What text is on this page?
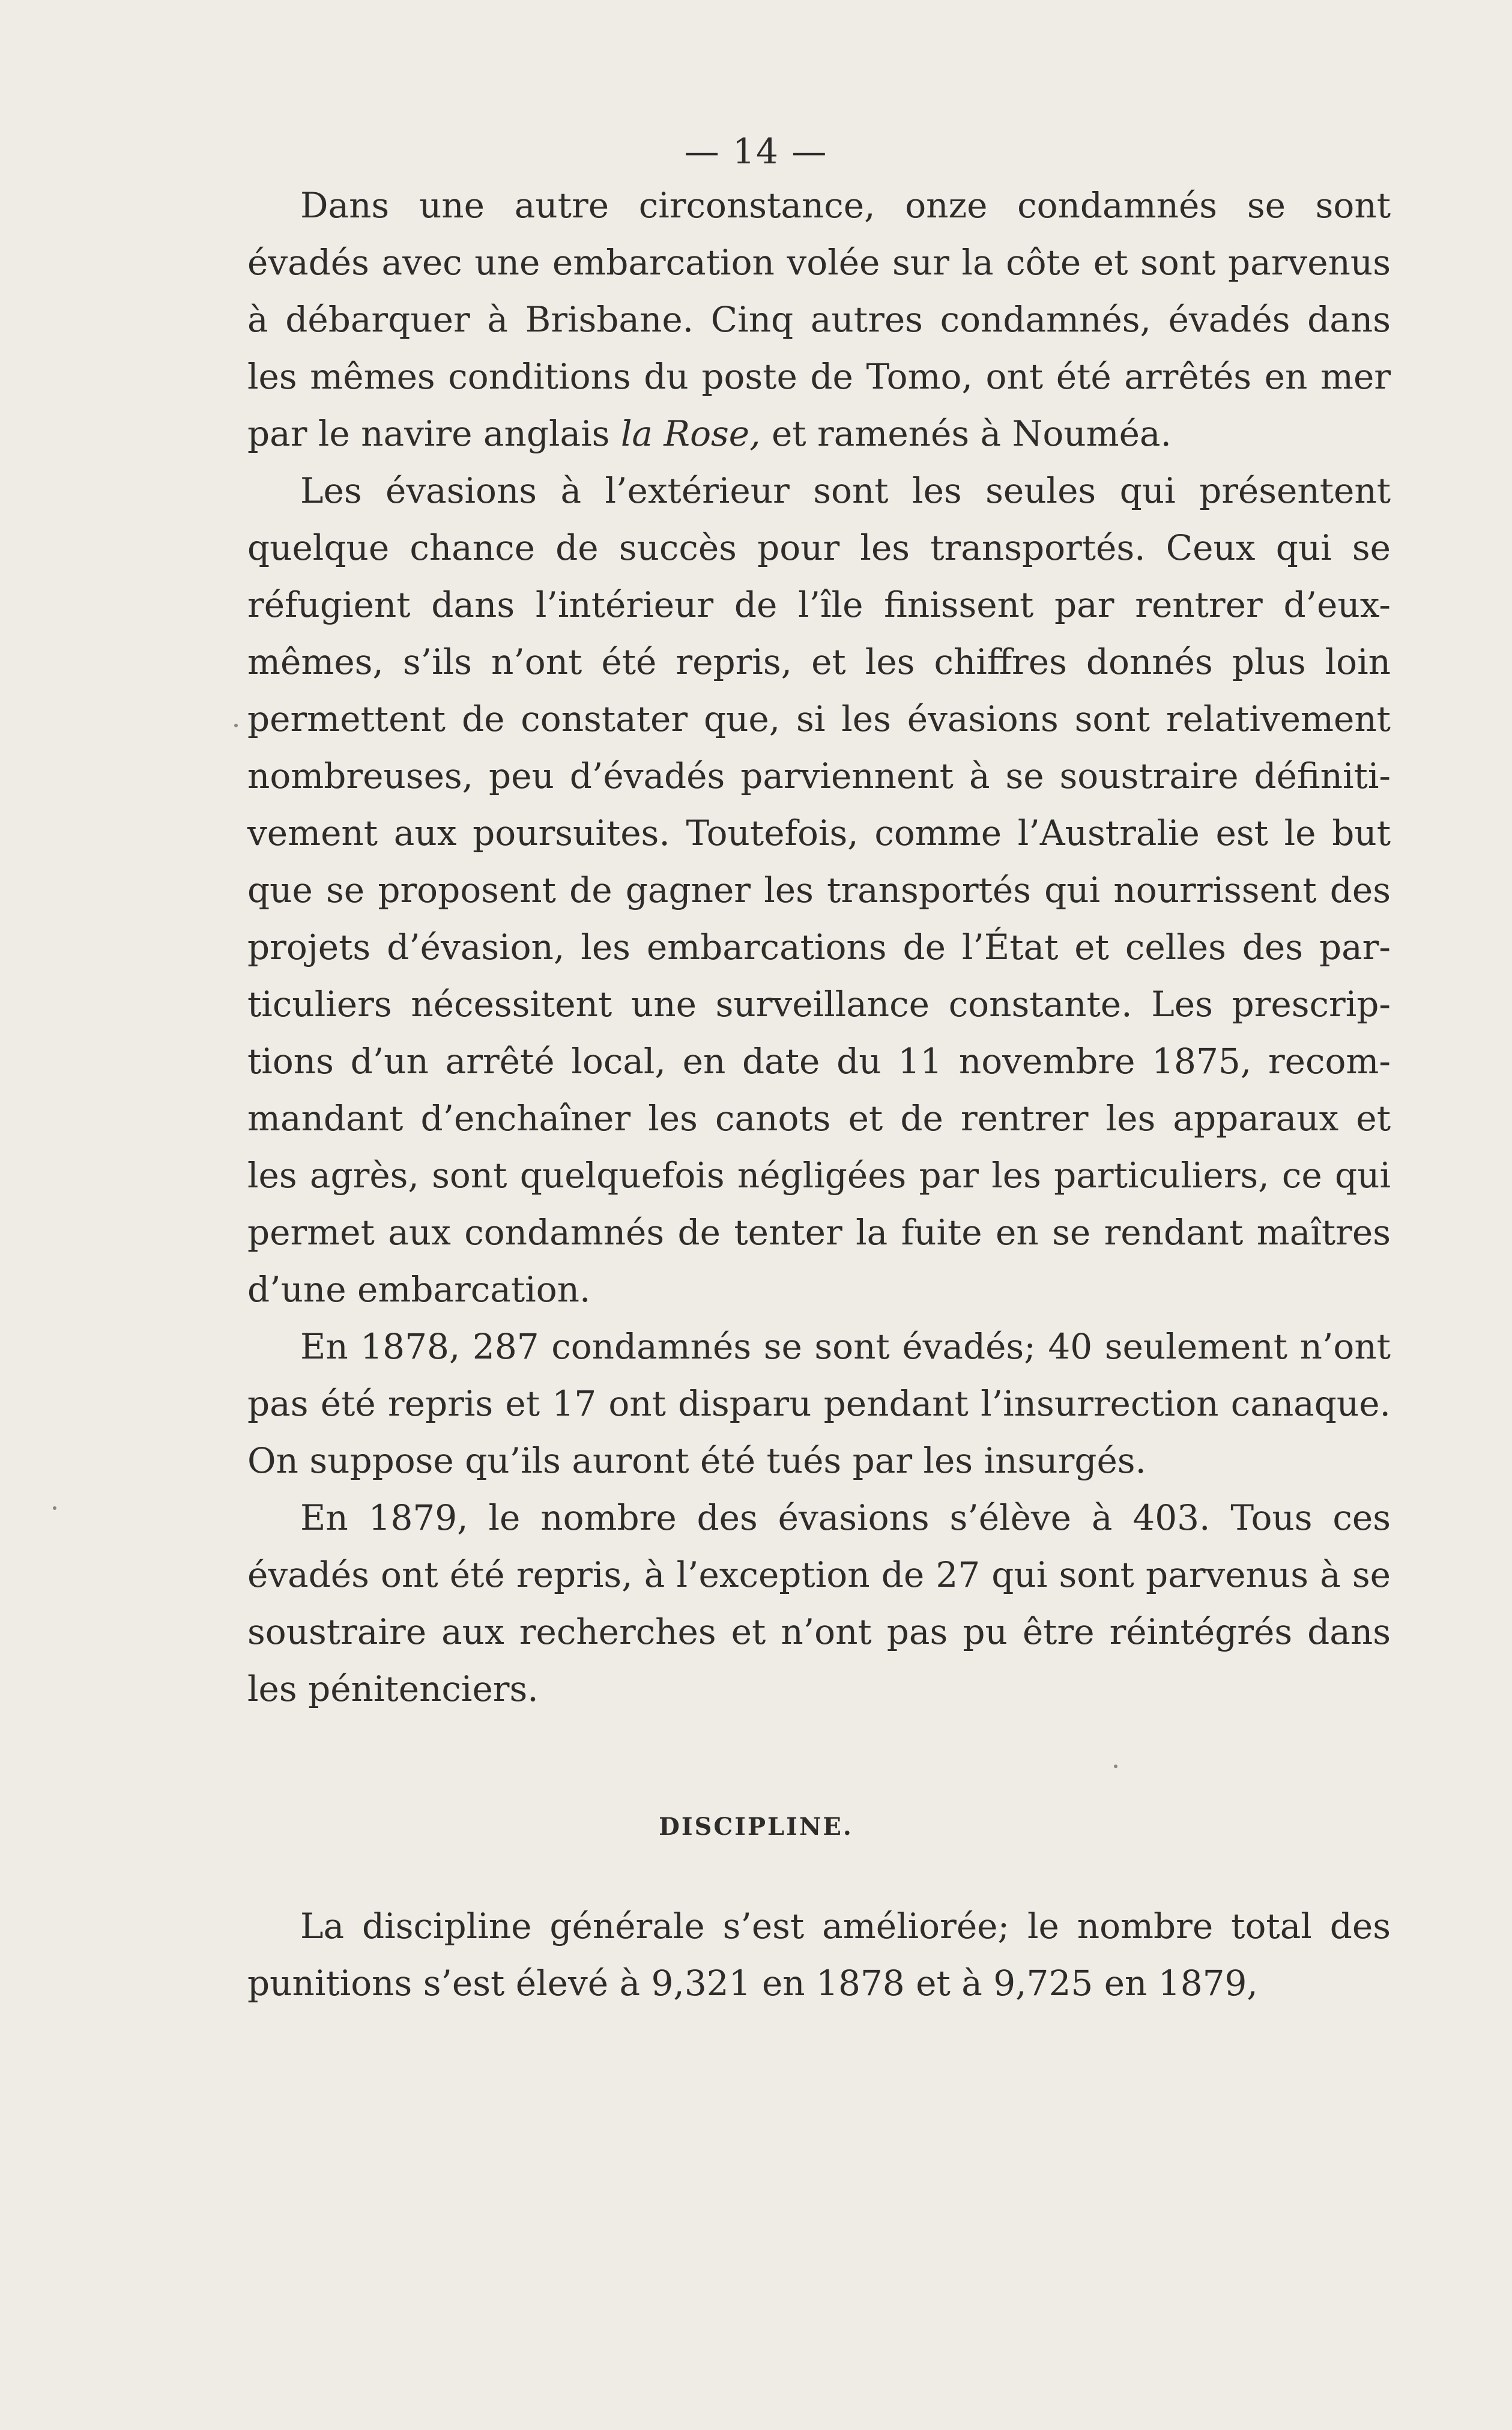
— 14 —

Dans une autre circonstance, onze condamnés se sont évadés avec une embarcation volée sur la côte et sont parvenus à débarquer à Brisbane. Cinq autres condamnés, évadés dans les mêmes conditions du poste de Tomo, ont été arrêtés en mer par le navire anglais la Rose, et ramenés à Nouméa.

Les évasions à l’extérieur sont les seules qui présentent quelque chance de succès pour les transportés. Ceux qui se réfugient dans l’intérieur de l’île finissent par rentrer d’eux-mêmes, s’ils n’ont été repris, et les chiffres donnés plus loin permettent de constater que, si les évasions sont relativement nombreuses, peu d’évadés parviennent à se soustraire définitivement aux poursuites. Toutefois, comme l’Australie est le but que se proposent de gagner les transportés qui nourrissent des projets d’évasion, les embarcations de l’État et celles des particuliers nécessitent une surveillance constante. Les prescriptions d’un arrêté local, en date du 11 novembre 1875, recommandant d’enchaîner les canots et de rentrer les apparaux et les agrès, sont quelquefois négligées par les particuliers, ce qui permet aux condamnés de tenter la fuite en se rendant maîtres d’une embarcation.

En 1878, 287 condamnés se sont évadés; 40 seulement n’ont pas été repris et 17 ont disparu pendant l’insurrection canaque. On suppose qu’ils auront été tués par les insurgés.

En 1879, le nombre des évasions s’élève à 403. Tous ces évadés ont été repris, à l’exception de 27 qui sont parvenus à se soustraire aux recherches et n’ont pas pu être réintégrés dans les pénitenciers.

DISCIPLINE.

La discipline générale s’est améliorée; le nombre total des punitions s’est élevé à 9,321 en 1878 et à 9,725 en 1879,
